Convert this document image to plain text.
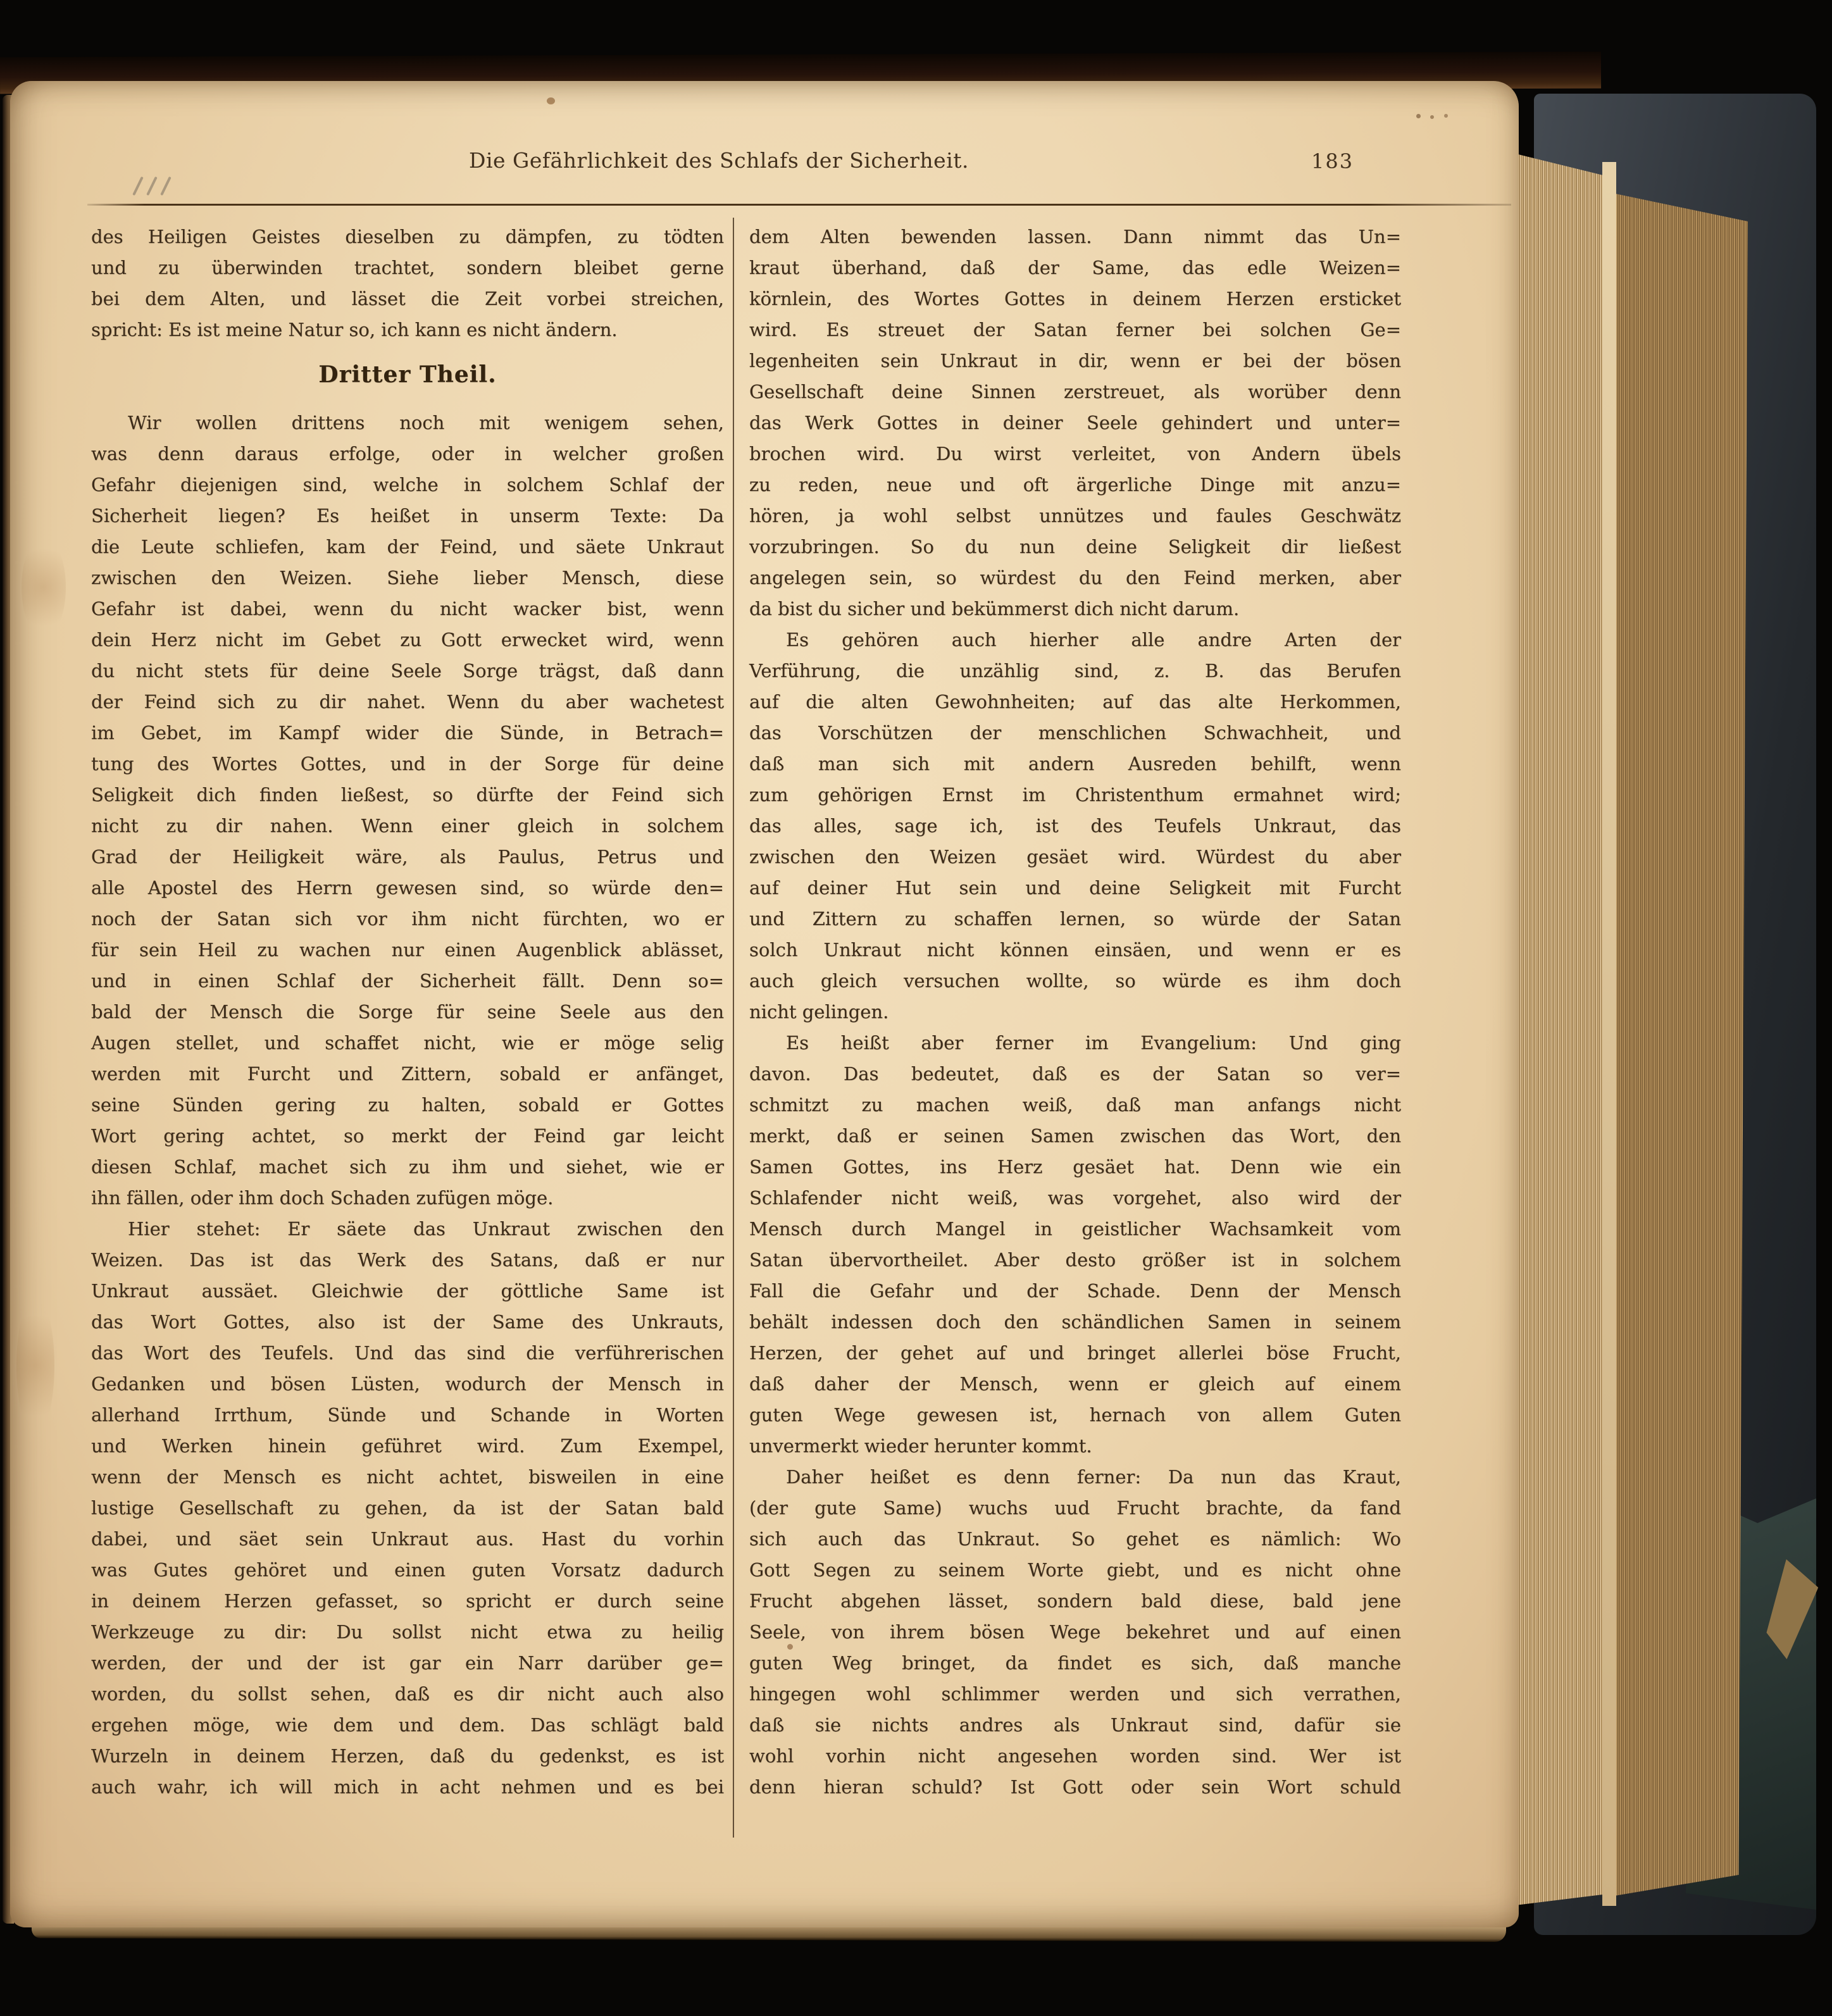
Die Gefährlichkeit des Schlafs der Sicherheit.	183
des Heiligen Geistes dieselben zu dämpfen, zu tödten
und zu überwinden trachtet, sondern bleibet gerne
bei dem Alten, und lässet die Zeit vorbei streichen,
spricht: Es ist meine Natur so, ich kann es nicht ändern.
Dritter Theil.
Wir wollen drittens noch mit wenigem sehen,
was denn daraus erfolge, oder in welcher großen
Gefahr diejenigen sind, welche in solchem Schlaf der
Sicherheit liegen? Es heißet in unserm Texte: Da
die Leute schliefen, kam der Feind, und säete Unkraut
zwischen den Weizen. Siehe lieber Mensch, diese
Gefahr ist dabei, wenn du nicht wacker bist, wenn
dein Herz nicht im Gebet zu Gott erwecket wird, wenn
du nicht stets für deine Seele Sorge trägst, daß dann
der Feind sich zu dir nahet. Wenn du aber wachetest
im Gebet, im Kampf wider die Sünde, in Betrach=
tung des Wortes Gottes, und in der Sorge für deine
Seligkeit dich finden ließest, so dürfte der Feind sich
nicht zu dir nahen. Wenn einer gleich in solchem
Grad der Heiligkeit wäre, als Paulus, Petrus und
alle Apostel des Herrn gewesen sind, so würde den=
noch der Satan sich vor ihm nicht fürchten, wo er
für sein Heil zu wachen nur einen Augenblick ablässet,
und in einen Schlaf der Sicherheit fällt. Denn so=
bald der Mensch die Sorge für seine Seele aus den
Augen stellet, und schaffet nicht, wie er möge selig
werden mit Furcht und Zittern, sobald er anfänget,
seine Sünden gering zu halten, sobald er Gottes
Wort gering achtet, so merkt der Feind gar leicht
diesen Schlaf, machet sich zu ihm und siehet, wie er
ihn fällen, oder ihm doch Schaden zufügen möge.
Hier stehet: Er säete das Unkraut zwischen den
Weizen. Das ist das Werk des Satans, daß er nur
Unkraut aussäet. Gleichwie der göttliche Same ist
das Wort Gottes, also ist der Same des Unkrauts,
das Wort des Teufels. Und das sind die verführerischen
Gedanken und bösen Lüsten, wodurch der Mensch in
allerhand Irrthum, Sünde und Schande in Worten
und Werken hinein geführet wird. Zum Exempel,
wenn der Mensch es nicht achtet, bisweilen in eine
lustige Gesellschaft zu gehen, da ist der Satan bald
dabei, und säet sein Unkraut aus. Hast du vorhin
was Gutes gehöret und einen guten Vorsatz dadurch
in deinem Herzen gefasset, so spricht er durch seine
Werkzeuge zu dir: Du sollst nicht etwa zu heilig
werden, der und der ist gar ein Narr darüber ge=
worden, du sollst sehen, daß es dir nicht auch also
ergehen möge, wie dem und dem. Das schlägt bald
Wurzeln in deinem Herzen, daß du gedenkst, es ist
auch wahr, ich will mich in acht nehmen und es bei
dem Alten bewenden lassen. Dann nimmt das Un=
kraut überhand, daß der Same, das edle Weizen=
körnlein, des Wortes Gottes in deinem Herzen ersticket
wird. Es streuet der Satan ferner bei solchen Ge=
legenheiten sein Unkraut in dir, wenn er bei der bösen
Gesellschaft deine Sinnen zerstreuet, als worüber denn
das Werk Gottes in deiner Seele gehindert und unter=
brochen wird. Du wirst verleitet, von Andern übels
zu reden, neue und oft ärgerliche Dinge mit anzu=
hören, ja wohl selbst unnützes und faules Geschwätz
vorzubringen. So du nun deine Seligkeit dir ließest
angelegen sein, so würdest du den Feind merken, aber
da bist du sicher und bekümmerst dich nicht darum.
Es gehören auch hierher alle andre Arten der
Verführung, die unzählig sind, z. B. das Berufen
auf die alten Gewohnheiten; auf das alte Herkommen,
das Vorschützen der menschlichen Schwachheit, und
daß man sich mit andern Ausreden behilft, wenn
zum gehörigen Ernst im Christenthum ermahnet wird;
das alles, sage ich, ist des Teufels Unkraut, das
zwischen den Weizen gesäet wird. Würdest du aber
auf deiner Hut sein und deine Seligkeit mit Furcht
und Zittern zu schaffen lernen, so würde der Satan
solch Unkraut nicht können einsäen, und wenn er es
auch gleich versuchen wollte, so würde es ihm doch
nicht gelingen.
Es heißt aber ferner im Evangelium: Und ging
davon. Das bedeutet, daß es der Satan so ver=
schmitzt zu machen weiß, daß man anfangs nicht
merkt, daß er seinen Samen zwischen das Wort, den
Samen Gottes, ins Herz gesäet hat. Denn wie ein
Schlafender nicht weiß, was vorgehet, also wird der
Mensch durch Mangel in geistlicher Wachsamkeit vom
Satan übervortheilet. Aber desto größer ist in solchem
Fall die Gefahr und der Schade. Denn der Mensch
behält indessen doch den schändlichen Samen in seinem
Herzen, der gehet auf und bringet allerlei böse Frucht,
daß daher der Mensch, wenn er gleich auf einem
guten Wege gewesen ist, hernach von allem Guten
unvermerkt wieder herunter kommt.
Daher heißet es denn ferner: Da nun das Kraut,
(der gute Same) wuchs uud Frucht brachte, da fand
sich auch das Unkraut. So gehet es nämlich: Wo
Gott Segen zu seinem Worte giebt, und es nicht ohne
Frucht abgehen lässet, sondern bald diese, bald jene
Seele, von ihrem bösen Wege bekehret und auf einen
guten Weg bringet, da findet es sich, daß manche
hingegen wohl schlimmer werden und sich verrathen,
daß sie nichts andres als Unkraut sind, dafür sie
wohl vorhin nicht angesehen worden sind. Wer ist
denn hieran schuld? Ist Gott oder sein Wort schuld
